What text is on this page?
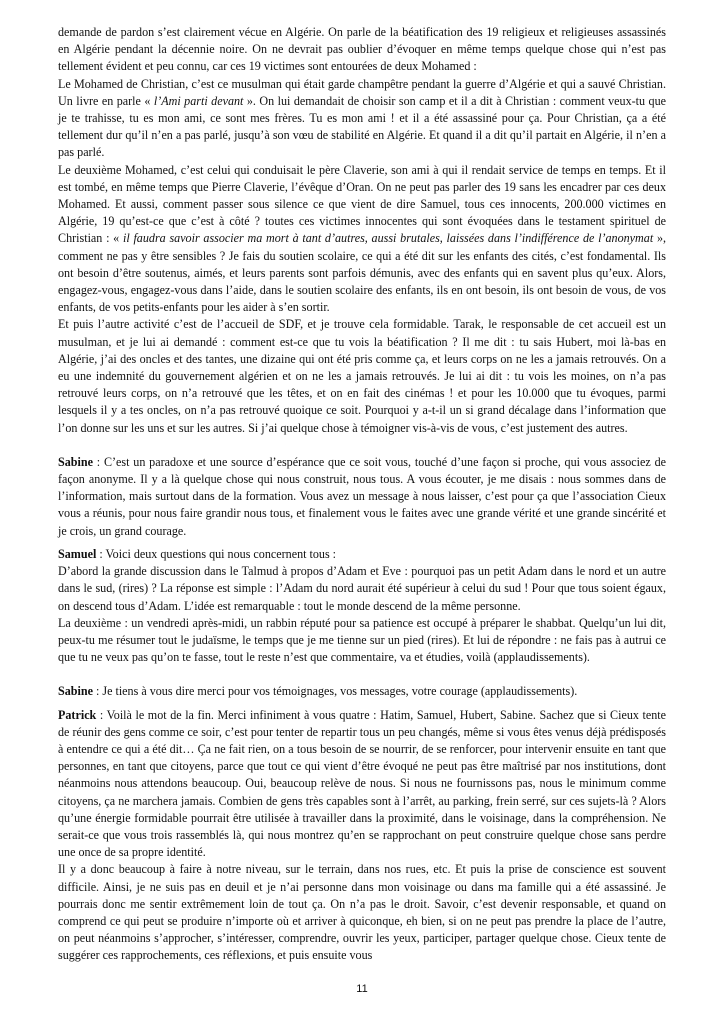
demande de pardon s’est clairement vécue en Algérie. On parle de la béatification des 19 religieux et religieuses assassinés en Algérie pendant la décennie noire. On ne devrait pas oublier d’évoquer en même temps quelque chose qui n’est pas tellement évident et peu connu, car ces 19 victimes sont entourées de deux Mohamed :

Le Mohamed de Christian, c’est ce musulman qui était garde champêtre pendant la guerre d’Algérie et qui a sauvé Christian. Un livre en parle « l’Ami parti devant ». On lui demandait de choisir son camp et il a dit à Christian : comment veux-tu que je te trahisse, tu es mon ami, ce sont mes frères. Tu es mon ami ! et il a été assassiné pour ça. Pour Christian, ça a été tellement dur qu’il n’en a pas parlé, jusqu’à son vœu de stabilité en Algérie. Et quand il a dit qu’il partait en Algérie, il n’en a pas parlé.

Le deuxième Mohamed, c’est celui qui conduisait le père Claverie, son ami à qui il rendait service de temps en temps. Et il est tombé, en même temps que Pierre Claverie, l’évêque d’Oran. On ne peut pas parler des 19 sans les encadrer par ces deux Mohamed. Et aussi, comment passer sous silence ce que vient de dire Samuel, tous ces innocents, 200.000 victimes en Algérie, 19 qu’est-ce que c’est à côté ? toutes ces victimes innocentes qui sont évoquées dans le testament spirituel de Christian : « il faudra savoir associer ma mort à tant d’autres, aussi brutales, laissées dans l’indifférence de l’anonymat », comment ne pas y être sensibles ? Je fais du soutien scolaire, ce qui a été dit sur les enfants des cités, c’est fondamental. Ils ont besoin d’être soutenus, aimés, et leurs parents sont parfois démunis, avec des enfants qui en savent plus qu’eux. Alors, engagez-vous, engagez-vous dans l’aide, dans le soutien scolaire des enfants, ils en ont besoin, ils ont besoin de vous, de vos enfants, de vos petits-enfants pour les aider à s’en sortir.

Et puis l’autre activité c’est de l’accueil de SDF, et je trouve cela formidable. Tarak, le responsable de cet accueil est un musulman, et je lui ai demandé : comment est-ce que tu vois la béatification ? Il me dit : tu sais Hubert, moi là-bas en Algérie, j’ai des oncles et des tantes, une dizaine qui ont été pris comme ça, et leurs corps on ne les a jamais retrouvés. On a eu une indemnité du gouvernement algérien et on ne les a jamais retrouvés. Je lui ai dit : tu vois les moines, on n’a pas retrouvé leurs corps, on n’a retrouvé que les têtes, et on en fait des cinémas ! et pour les 10.000 que tu évoques, parmi lesquels il y a tes oncles, on n’a pas retrouvé quoique ce soit. Pourquoi y a-t-il un si grand décalage dans l’information que l’on donne sur les uns et sur les autres. Si j’ai quelque chose à témoigner vis-à-vis de vous, c’est justement des autres.

Sabine : C’est un paradoxe et une source d’espérance que ce soit vous, touché d’une façon si proche, qui vous associez de façon anonyme. Il y a là quelque chose qui nous construit, nous tous. A vous écouter, je me disais : nous sommes dans de l’information, mais surtout dans de la formation. Vous avez un message à nous laisser, c’est pour ça que l’association Cieux vous a réunis, pour nous faire grandir nous tous, et finalement vous le faites avec une grande vérité et une grande sincérité et je crois, un grand courage.

Samuel : Voici deux questions qui nous concernent tous :

D’abord la grande discussion dans le Talmud à propos d’Adam et Eve : pourquoi pas un petit Adam dans le nord et un autre dans le sud, (rires) ? La réponse est simple : l’Adam du nord aurait été supérieur à celui du sud ! Pour que tous soient égaux, on descend tous d’Adam. L’idée est remarquable : tout le monde descend de la même personne.

La deuxième : un vendredi après-midi, un rabbin réputé pour sa patience est occupé à préparer le shabbat. Quelqu’un lui dit, peux-tu me résumer tout le judaïsme, le temps que je me tienne sur un pied (rires). Et lui de répondre : ne fais pas à autrui ce que tu ne veux pas qu’on te fasse, tout le reste n’est que commentaire, va et étudies, voilà (applaudissements).

Sabine : Je tiens à vous dire merci pour vos témoignages, vos messages, votre courage (applaudissements).

Patrick : Voilà le mot de la fin. Merci infiniment à vous quatre : Hatim, Samuel, Hubert, Sabine. Sachez que si Cieux tente de réunir des gens comme ce soir, c’est pour tenter de repartir tous un peu changés, même si vous êtes venus déjà prédisposés à entendre ce qui a été dit… Ça ne fait rien, on a tous besoin de se nourrir, de se renforcer, pour intervenir ensuite en tant que personnes, en tant que citoyens, parce que tout ce qui vient d’être évoqué ne peut pas être maîtrisé par nos institutions, dont néanmoins nous attendons beaucoup. Oui, beaucoup relève de nous. Si nous ne fournissons pas, nous le minimum comme citoyens, ça ne marchera jamais. Combien de gens très capables sont à l’arrêt, au parking, frein serré, sur ces sujets-là ? Alors qu’une énergie formidable pourrait être utilisée à travailler dans la proximité, dans le voisinage, dans la compréhension. Ne serait-ce que vous trois rassemblés là, qui nous montrez qu’en se rapprochant on peut construire quelque chose sans perdre une once de sa propre identité.

Il y a donc beaucoup à faire à notre niveau, sur le terrain, dans nos rues, etc. Et puis la prise de conscience est souvent difficile. Ainsi, je ne suis pas en deuil et je n’ai personne dans mon voisinage ou dans ma famille qui a été assassiné. Je pourrais donc me sentir extrêmement loin de tout ça. On n’a pas le droit. Savoir, c’est devenir responsable, et quand on comprend ce qui peut se produire n’importe où et arriver à quiconque, eh bien, si on ne peut pas prendre la place de l’autre, on peut néanmoins s’approcher, s’intéresser, comprendre, ouvrir les yeux, participer, partager quelque chose. Cieux tente de suggérer ces rapprochements, ces réflexions, et puis ensuite vous

11
